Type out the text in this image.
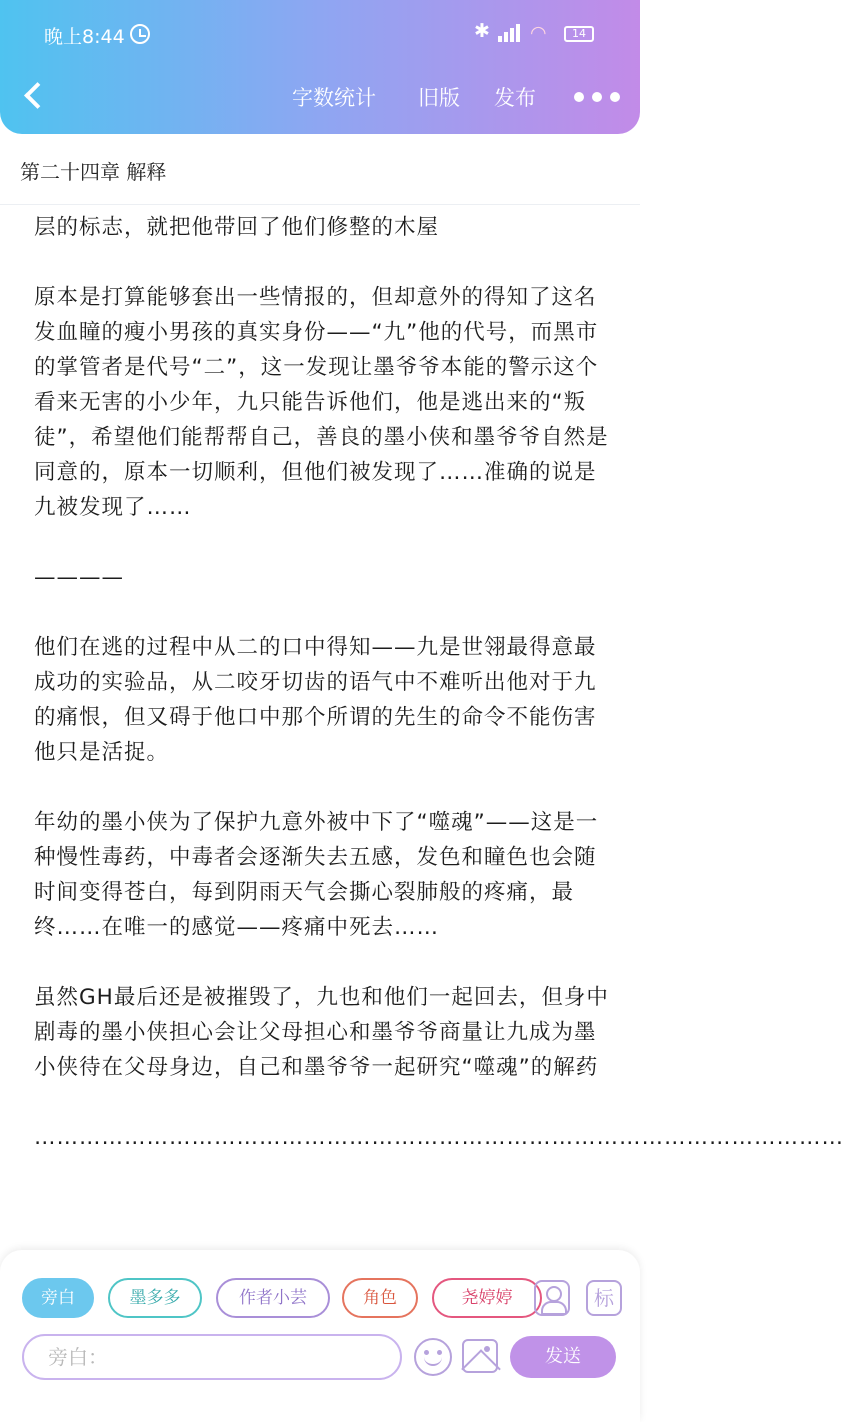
晚上8:44	✱ ◠	14
字数统计 旧版 发布
第二十四章 解释

层的标志，就把他带回了他们修整的木屋

原本是打算能够套出一些情报的，但却意外的得知了这名发血瞳的瘦小男孩的真实身份——“九”他的代号，而黑市的掌管者是代号“二”，这一发现让墨爷爷本能的警示这个看来无害的小少年，九只能告诉他们，他是逃出来的“叛徒”，希望他们能帮帮自己，善良的墨小侠和墨爷爷自然是同意的，原本一切顺利，但他们被发现了……准确的说是九被发现了……

————

他们在逃的过程中从二的口中得知——九是世翎最得意最成功的实验品，从二咬牙切齿的语气中不难听出他对于九的痛恨，但又碍于他口中那个所谓的先生的命令不能伤害他只是活捉。

年幼的墨小侠为了保护九意外被中下了“噬魂”——这是一种慢性毒药，中毒者会逐渐失去五感，发色和瞳色也会随时间变得苍白，每到阴雨天气会撕心裂肺般的疼痛，最终……在唯一的感觉——疼痛中死去……

虽然GH最后还是被摧毁了，九也和他们一起回去，但身中剧毒的墨小侠担心会让父母担心和墨爷爷商量让九成为墨小侠待在父母身边，自己和墨爷爷一起研究“噬魂”的解药

………………………………………………………………………………………………

旁白	墨多多	作者小芸	角色	尧婷婷	标
旁白：
发送
